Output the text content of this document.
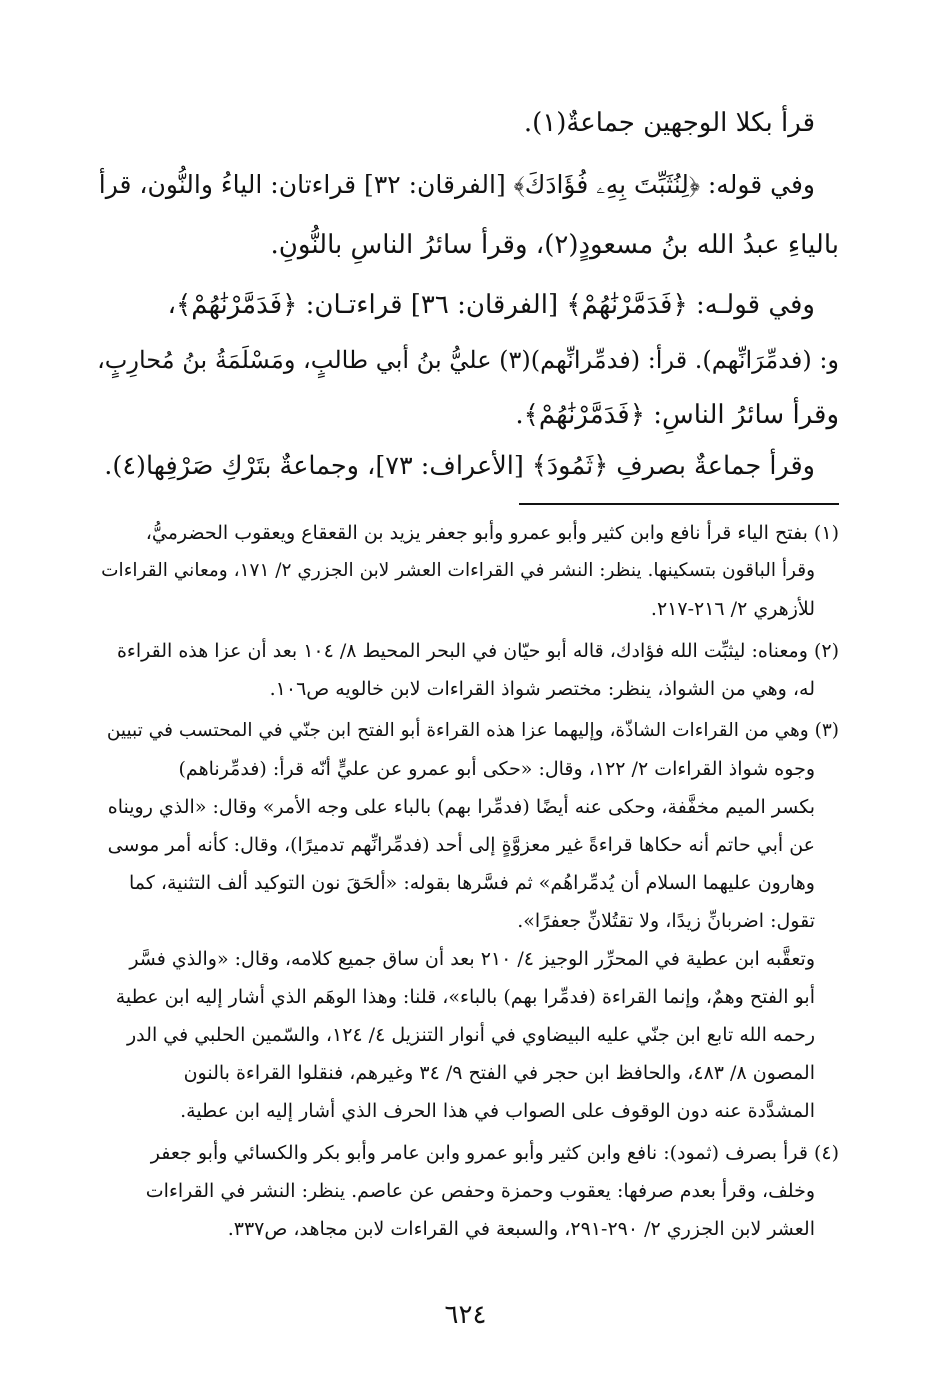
قرأ بكلا الوجهين جماعةٌ(١).
وفي قوله: ﴿لِنُثَبِّتَ بِهِۦ فُؤَادَكَ﴾ [الفرقان: ٣٢] قراءتان: الياءُ والنُّون، قرأ
بالياءِ عبدُ الله بنُ مسعودٍ(٢)، وقرأ سائرُ الناسِ بالنُّونِ.
وفي قولـه: ﴿فَدَمَّرْنَٰهُمْ﴾ [الفرقان: ٣٦] قراءتـان: ﴿فَدَمَّرْنَٰهُمْ﴾،
و: (فدمِّرَانِّهم). قرأ: (فدمِّرانِّهم)(٣) عليُّ بنُ أبي طالبٍ، ومَسْلَمَةُ بنُ مُحارِبٍ،
وقرأ سائرُ الناسِ: ﴿فَدَمَّرْنَٰهُمْ﴾.
وقرأ جماعةٌ بصرفِ ﴿ثَمُودَ﴾ [الأعراف: ٧٣]، وجماعةٌ بتَرْكِ صَرْفِها(٤).
(١) بفتح الياء قرأ نافع وابن كثير وأبو عمرو وأبو جعفر يزيد بن القعقاع ويعقوب الحضرميُّ،
وقرأ الباقون بتسكينها. ينظر: النشر في القراءات العشر لابن الجزري ٢/ ١٧١، ومعاني القراءات
للأزهري ٢/ ٢١٦-٢١٧.
(٢) ومعناه: ليثبِّت الله فؤادك، قاله أبو حيّان في البحر المحيط ٨/ ١٠٤ بعد أن عزا هذه القراءة
له، وهي من الشواذ، ينظر: مختصر شواذ القراءات لابن خالويه ص١٠٦.
(٣) وهي من القراءات الشاذّة، وإليهما عزا هذه القراءة أبو الفتح ابن جنّي في المحتسب في تبيين
وجوه شواذ القراءات ٢/ ١٢٢، وقال: «حكى أبو عمرو عن عليٍّ أنّه قرأ: (فدمِّرناهم)
بكسر الميم مخفَّفة، وحكى عنه أيضًا (فدمِّرا بهم) بالباء على وجه الأمر» وقال: «الذي رويناه
عن أبي حاتم أنه حكاها قراءةً غير معزوَّةٍ إلى أحد (فدمِّرانِّهم تدميرًا)، وقال: كأنه أمر موسى
وهارون عليهما السلام أن يُدمِّراهُم» ثم فسَّرها بقوله: «ألحَقَ نون التوكيد ألف التثنية، كما
تقول: اضربانِّ زيدًا، ولا تقتُلانِّ جعفرًا».
وتعقَّبه ابن عطية في المحرِّر الوجيز ٤/ ٢١٠ بعد أن ساق جميع كلامه، وقال: «والذي فسَّر
أبو الفتح وهمٌ، وإنما القراءة (فدمِّرا بهم) بالباء»، قلنا: وهذا الوهَم الذي أشار إليه ابن عطية
رحمه الله تابع ابن جنّي عليه البيضاوي في أنوار التنزيل ٤/ ١٢٤، والسّمين الحلبي في الدر
المصون ٨/ ٤٨٣، والحافظ ابن حجر في الفتح ٩/ ٣٤ وغيرهم، فنقلوا القراءة بالنون
المشدَّدة عنه دون الوقوف على الصواب في هذا الحرف الذي أشار إليه ابن عطية.
(٤) قرأ بصرف (ثمود): نافع وابن كثير وأبو عمرو وابن عامر وأبو بكر والكسائي وأبو جعفر
وخلف، وقرأ بعدم صرفها: يعقوب وحمزة وحفص عن عاصم. ينظر: النشر في القراءات
العشر لابن الجزري ٢/ ٢٩٠-٢٩١، والسبعة في القراءات لابن مجاهد، ص٣٣٧.
٦٢٤
